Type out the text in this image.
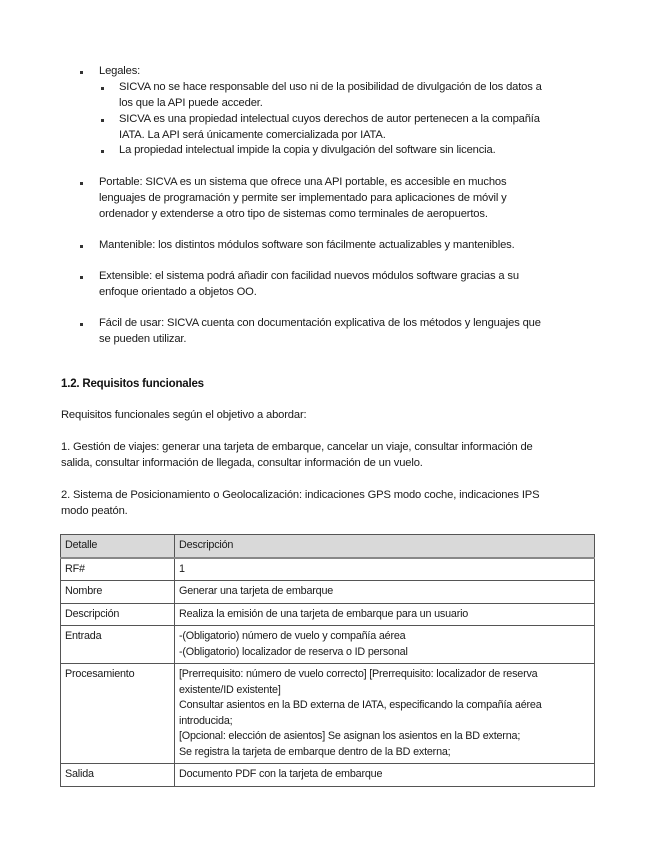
Legales:
SICVA no se hace responsable del uso ni de la posibilidad de divulgación de los datos a
los que la API puede acceder.
SICVA es una propiedad intelectual cuyos derechos de autor pertenecen a la compañía
IATA. La API será únicamente comercializada por IATA.
La propiedad intelectual impide la copia y divulgación del software sin licencia.
Portable: SICVA es un sistema que ofrece una API portable, es accesible en muchos
lenguajes de programación y permite ser implementado para aplicaciones de móvil y
ordenador y extenderse a otro tipo de sistemas como terminales de aeropuertos.
Mantenible: los distintos módulos software son fácilmente actualizables y mantenibles.
Extensible: el sistema podrá añadir con facilidad nuevos módulos software gracias a su
enfoque orientado a objetos OO.
Fácil de usar: SICVA cuenta con documentación explicativa de los métodos y lenguajes que
se pueden utilizar.
1.2. Requisitos funcionales
Requisitos funcionales según el objetivo a abordar:
1. Gestión de viajes: generar una tarjeta de embarque, cancelar un viaje, consultar información de
salida, consultar información de llegada, consultar información de un vuelo.
2. Sistema de Posicionamiento o Geolocalización: indicaciones GPS modo coche, indicaciones IPS
modo peatón.
Detalle	Descripción
RF#	1

Nombre	Generar una tarjeta de embarque

Descripción	Realiza la emisión de una tarjeta de embarque para un usuario

Entrada	-(Obligatorio) número de vuelo y compañía aérea
-(Obligatorio) localizador de reserva o ID personal

Procesamiento	[Prerrequisito: número de vuelo correcto] [Prerrequisito: localizador de reserva
existente/ID existente]
Consultar asientos en la BD externa de IATA, especificando la compañía aérea
introducida;
[Opcional: elección de asientos] Se asignan los asientos en la BD externa;
Se registra la tarjeta de embarque dentro de la BD externa;

Salida	Documento PDF con la tarjeta de embarque
